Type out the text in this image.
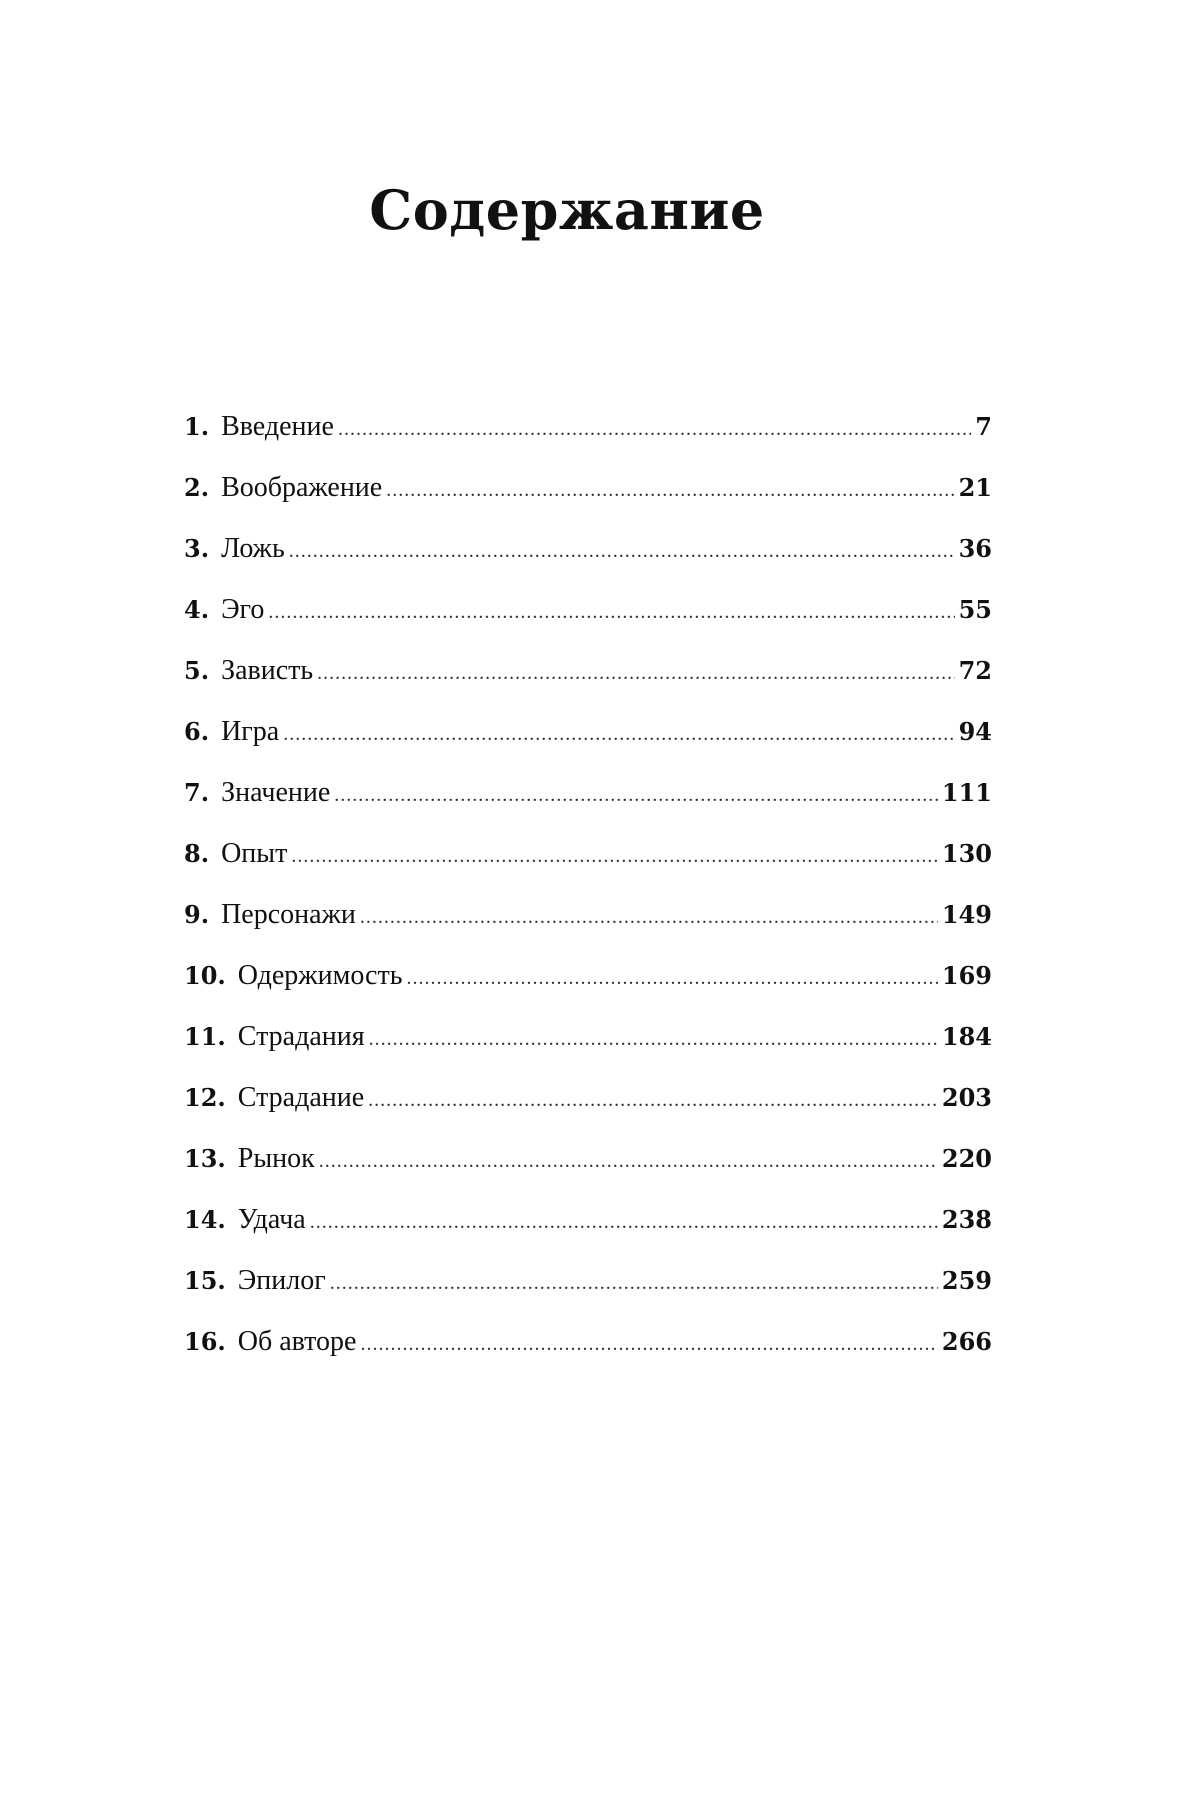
Содержание
1. Введение .....	7
2. Воображение .....	21
3. Ложь .....	36
4. Эго .....	55
5. Зависть .....	72
6. Игра .....	94
7. Значение .....	111
8. Опыт .....	130
9. Персонажи .....	149
10. Одержимость .....	169
11. Страдания .....	184
12. Страдание .....	203
13. Рынок .....	220
14. Удача .....	238
15. Эпилог .....	259
16. Об авторе .....	266
